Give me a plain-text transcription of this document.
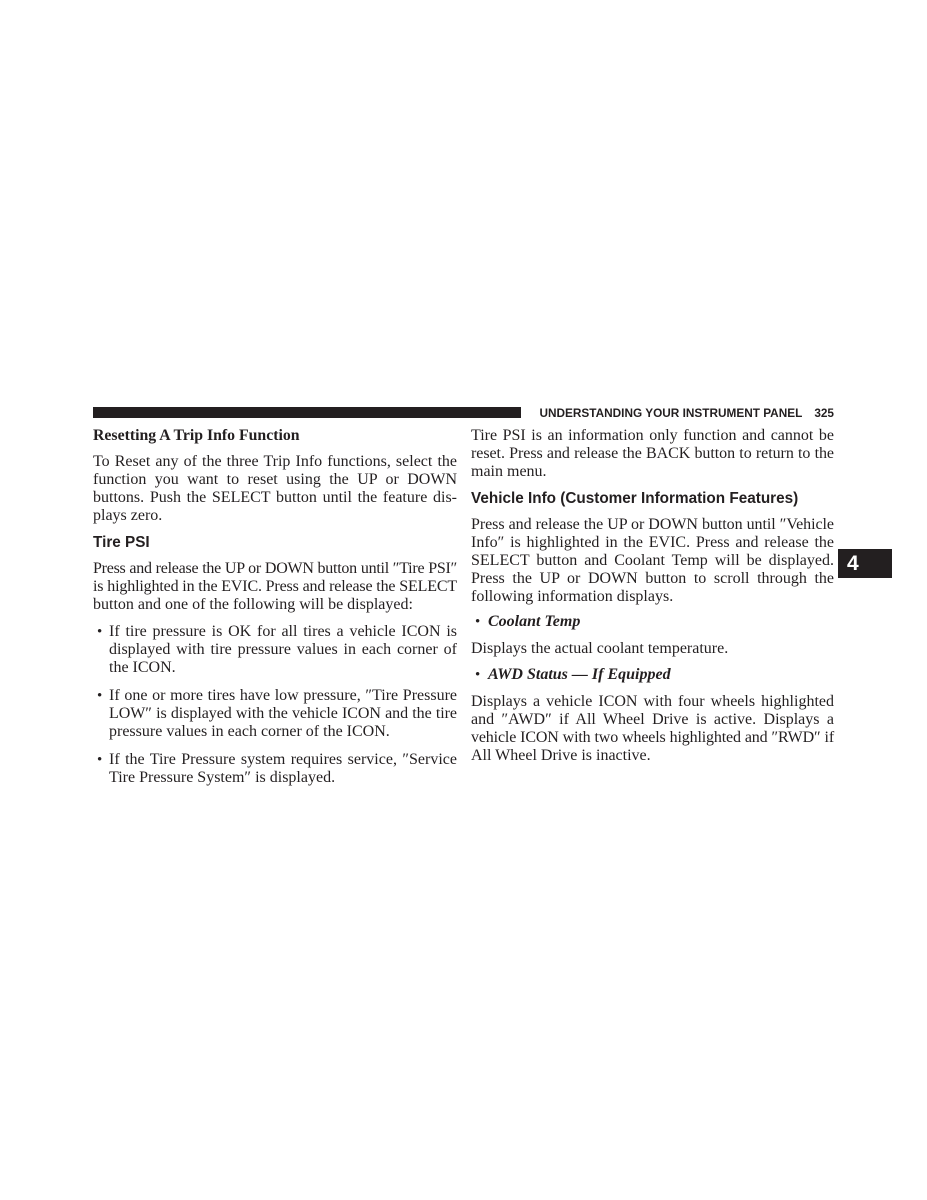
UNDERSTANDING YOUR INSTRUMENT PANEL 325
4
Resetting A Trip Info Function
To Reset any of the three Trip Info functions, select the
function you want to reset using the UP or DOWN
buttons. Push the SELECT button until the feature dis-
plays zero.
Tire PSI
Press and release the UP or DOWN button until ″Tire PSI″
is highlighted in the EVIC. Press and release the SELECT
button and one of the following will be displayed:
• If tire pressure is OK for all tires a vehicle ICON is
displayed with tire pressure values in each corner of
the ICON.
• If one or more tires have low pressure, ″Tire Pressure
LOW″ is displayed with the vehicle ICON and the tire
pressure values in each corner of the ICON.
• If the Tire Pressure system requires service, ″Service
Tire Pressure System″ is displayed.
Tire PSI is an information only function and cannot be
reset. Press and release the BACK button to return to the
main menu.
Vehicle Info (Customer Information Features)
Press and release the UP or DOWN button until ″Vehicle
Info″ is highlighted in the EVIC. Press and release the
SELECT button and Coolant Temp will be displayed.
Press the UP or DOWN button to scroll through the
following information displays.
• Coolant Temp
Displays the actual coolant temperature.
• AWD Status — If Equipped
Displays a vehicle ICON with four wheels highlighted
and ″AWD″ if All Wheel Drive is active. Displays a
vehicle ICON with two wheels highlighted and ″RWD″ if
All Wheel Drive is inactive.
